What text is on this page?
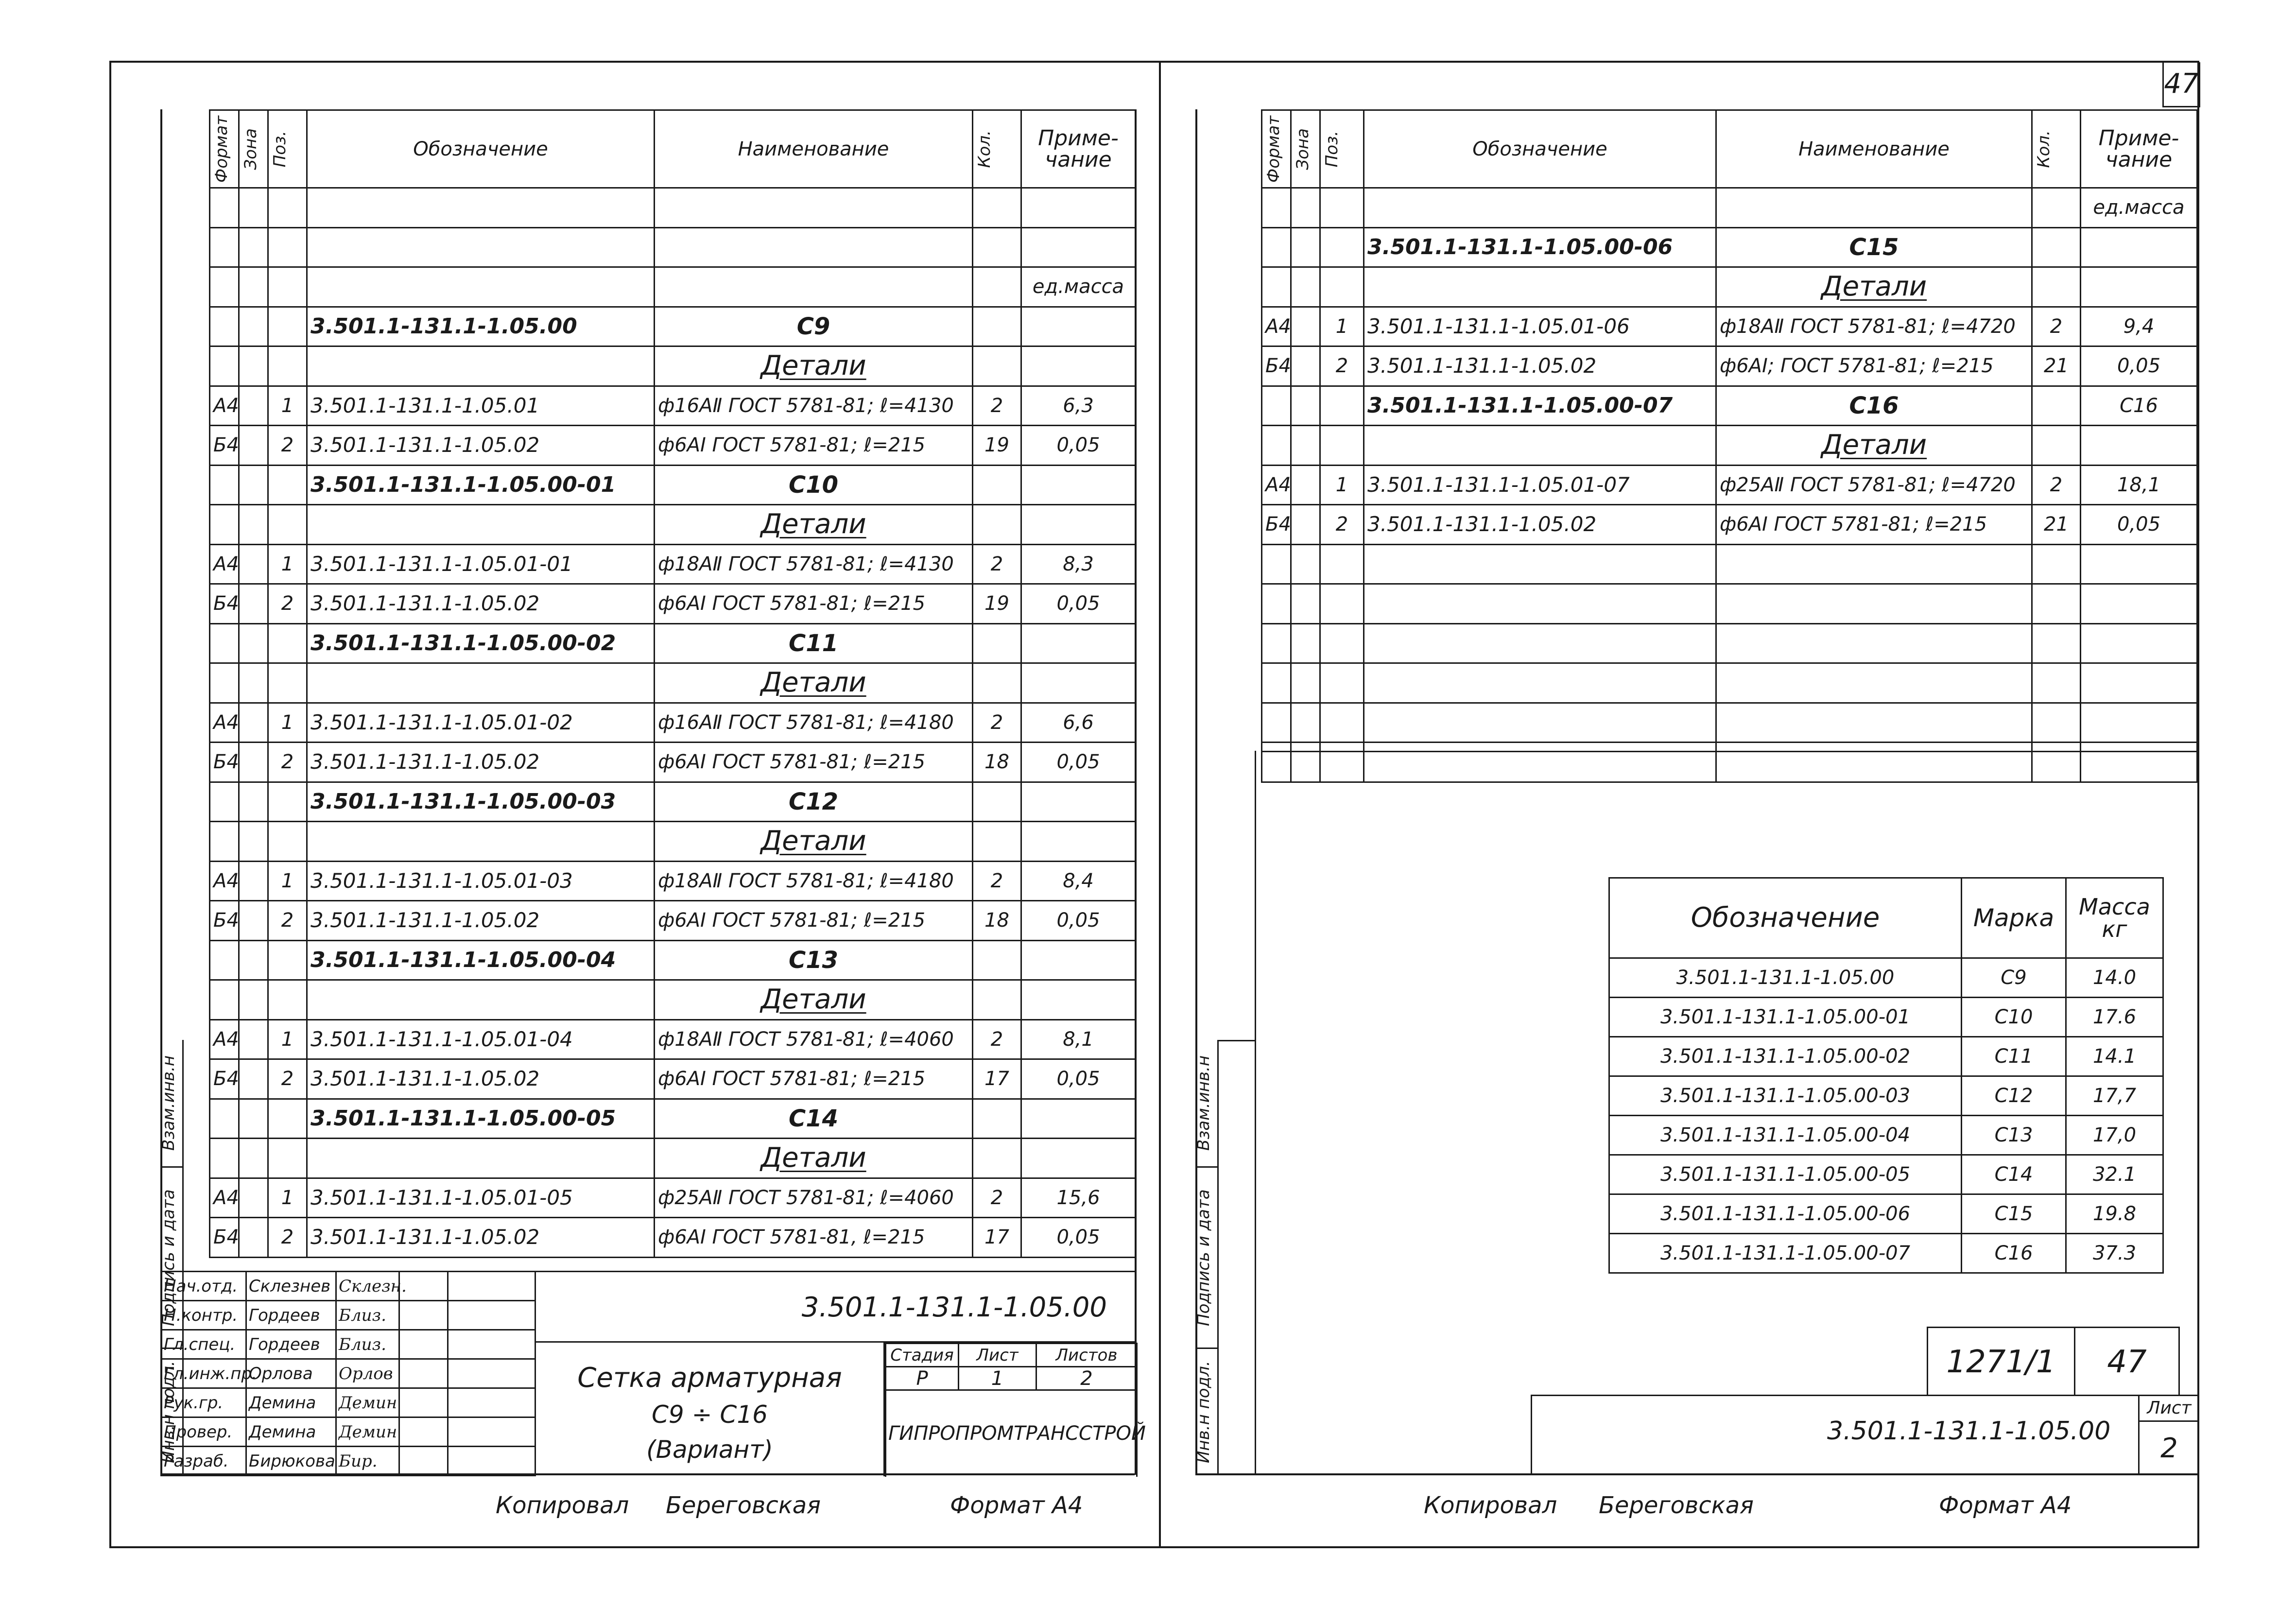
47
Формат	Зона	Поз.	Обозначение	Наименование	Кол.	Приме- чание

						ед.масса
			3.501.1-131.1-1.05.00	С9		
				Детали		
А4		1	3.501.1-131.1-1.05.01	ф16АⅡ ГОСТ 5781-81; ℓ=4130	2	6,3
Б4		2	3.501.1-131.1-1.05.02	ф6АⅠ ГОСТ 5781-81; ℓ=215	19	0,05
			3.501.1-131.1-1.05.00-01	С10		
				Детали		
А4		1	3.501.1-131.1-1.05.01-01	ф18АⅡ ГОСТ 5781-81; ℓ=4130	2	8,3
Б4		2	3.501.1-131.1-1.05.02	ф6АⅠ ГОСТ 5781-81; ℓ=215	19	0,05
			3.501.1-131.1-1.05.00-02	С11		
				Детали		
А4		1	3.501.1-131.1-1.05.01-02	ф16АⅡ ГОСТ 5781-81; ℓ=4180	2	6,6
Б4		2	3.501.1-131.1-1.05.02	ф6АⅠ ГОСТ 5781-81; ℓ=215	18	0,05
			3.501.1-131.1-1.05.00-03	С12		
				Детали		
А4		1	3.501.1-131.1-1.05.01-03	ф18АⅡ ГОСТ 5781-81; ℓ=4180	2	8,4
Б4		2	3.501.1-131.1-1.05.02	ф6АⅠ ГОСТ 5781-81; ℓ=215	18	0,05
			3.501.1-131.1-1.05.00-04	С13		
				Детали		
А4		1	3.501.1-131.1-1.05.01-04	ф18АⅡ ГОСТ 5781-81; ℓ=4060	2	8,1
Б4		2	3.501.1-131.1-1.05.02	ф6АⅠ ГОСТ 5781-81; ℓ=215	17	0,05
			3.501.1-131.1-1.05.00-05	С14		
				Детали		
А4		1	3.501.1-131.1-1.05.01-05	ф25АⅡ ГОСТ 5781-81; ℓ=4060	2	15,6
Б4		2	3.501.1-131.1-1.05.02	ф6АⅠ ГОСТ 5781-81, ℓ=215	17	0,05
Взам.инв.н
Подпись и дата
Инв.н подл.
3.501.1-131.1-1.05.00
Сетка арматурная
С9 ÷ С16
(Вариант)
Стадия	Лист	Листов
Р	1	2
ГИПРОПРОМТРАНССТРОЙ		
Нач.отд.	Склезнев	Склезн.		
Н.контр.	Гордеев	Близ.		
Гл.спец.	Гордеев	Близ.		
Гл.инж.пр.	Орлова	Орлов		
Рук.гр.	Демина	Демин		
Провер.	Демина	Демин		
Разраб.	Бирюкова	Бир.		
Копировал Береговская	Формат А4
Формат	Зона	Поз.	Обозначение	Наименование	Кол.	Приме- чание
						ед.масса
			3.501.1-131.1-1.05.00-06	С15		
				Детали		
А4		1	3.501.1-131.1-1.05.01-06	ф18АⅡ ГОСТ 5781-81; ℓ=4720	2	9,4
Б4		2	3.501.1-131.1-1.05.02	ф6АⅠ; ГОСТ 5781-81; ℓ=215	21	0,05
			3.501.1-131.1-1.05.00-07	С16		С16
				Детали		
А4		1	3.501.1-131.1-1.05.01-07	ф25АⅡ ГОСТ 5781-81; ℓ=4720	2	18,1
Б4		2	3.501.1-131.1-1.05.02	ф6АⅠ ГОСТ 5781-81; ℓ=215	21	0,05

Взам.инв.н
Подпись и дата
Инв.н подл.
Обозначение	Марка	Масса кг
3.501.1-131.1-1.05.00	С9	14.0
3.501.1-131.1-1.05.00-01	С10	17.6
3.501.1-131.1-1.05.00-02	С11	14.1
3.501.1-131.1-1.05.00-03	С12	17,7
3.501.1-131.1-1.05.00-04	С13	17,0
3.501.1-131.1-1.05.00-05	С14	32.1
3.501.1-131.1-1.05.00-06	С15	19.8
3.501.1-131.1-1.05.00-07	С16	37.3
1271/1	47
3.501.1-131.1-1.05.00
Лист
2
Копировал Береговская	Формат А4
